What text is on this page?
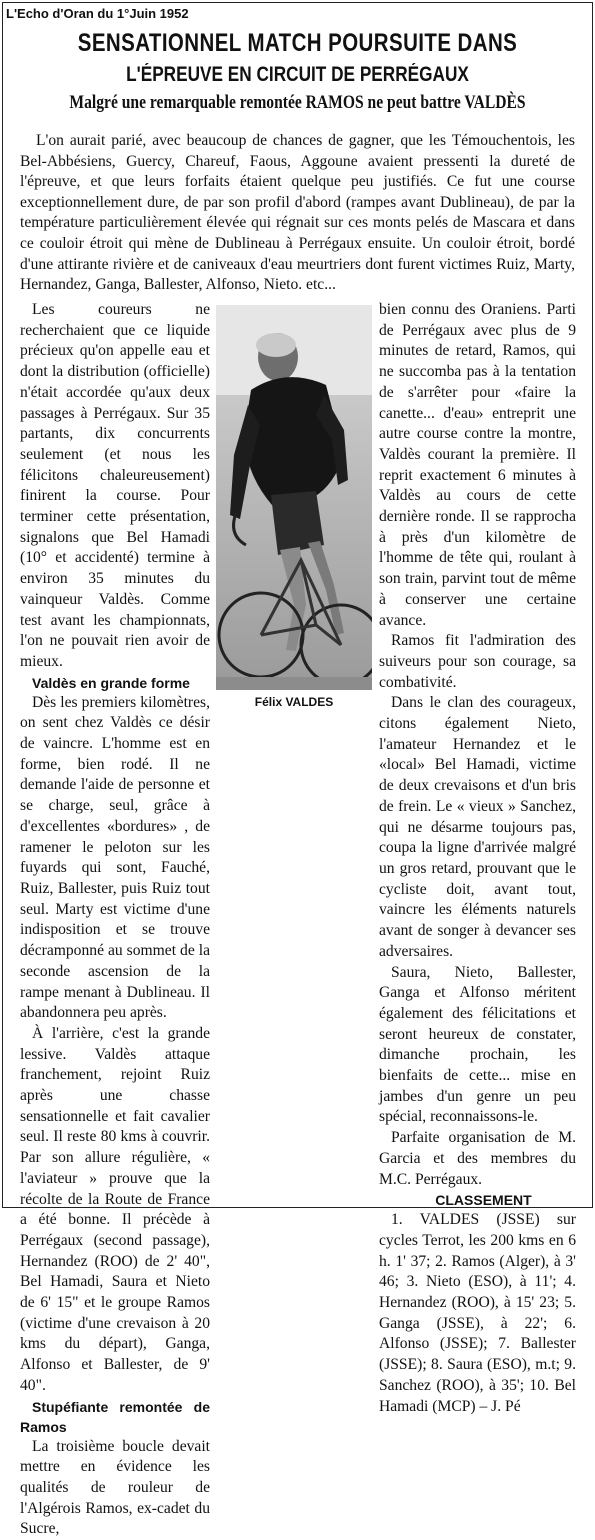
L'Echo d'Oran du 1°Juin 1952
SENSATIONNEL MATCH POURSUITE DANS
L'ÉPREUVE EN CIRCUIT DE PERRÉGAUX
Malgré une remarquable remontée RAMOS ne peut battre VALDÈS
L'on aurait parié, avec beaucoup de chances de gagner, que les Témouchentois, les Bel-Abbésiens, Guercy, Chareuf, Faous, Aggoune avaient pressenti la dureté de l'épreuve, et que leurs forfaits étaient quelque peu justifiés. Ce fut une course exceptionnellement dure, de par son profil d'abord (rampes avant Dublineau), de par la température particulièrement élevée qui régnait sur ces monts pelés de Mascara et dans ce couloir étroit qui mène de Dublineau à Perrégaux ensuite. Un couloir étroit, bordé d'une attirante rivière et de caniveaux d'eau meurtriers dont furent victimes Ruiz, Marty, Hernandez, Ganga, Ballester, Alfonso, Nieto. etc...

Les coureurs ne recherchaient que ce liquide précieux qu'on appelle eau et dont la distribution (officielle) n'était accordée qu'aux deux passages à Perrégaux. Sur 35 partants, dix concurrents seulement (et nous les félicitons chaleureusement) finirent la course. Pour terminer cette présentation, signalons que Bel Hamadi (10° et accidenté) termine à environ 35 minutes du vainqueur Valdès. Comme test avant les championnats, l'on ne pouvait rien avoir de mieux.

Valdès en grande forme

Dès les premiers kilomètres, on sent chez Valdès ce désir de vaincre. L'homme est en forme, bien rodé. Il ne demande l'aide de personne et se charge, seul, grâce à d'excellentes «bordures» , de ramener le peloton sur les fuyards qui sont, Fauché, Ruiz, Ballester, puis Ruiz tout seul. Marty est victime d'une indisposition et se trouve décramponné au sommet de la seconde ascension de la rampe menant à Dublineau. Il abandonnera peu après.

À l'arrière, c'est la grande lessive. Valdès attaque franchement, rejoint Ruiz après une chasse sensationnelle et fait cavalier seul. Il reste 80 kms à couvrir. Par son allure régulière, « l'aviateur » prouve que la récolte de la Route de France a été bonne. Il précède à Perrégaux (second passage), Hernandez (ROO) de 2' 40", Bel Hamadi, Saura et Nieto de 6' 15" et le groupe Ramos (victime d'une crevaison à 20 kms du départ), Ganga, Alfonso et Ballester, de 9' 40".

Stupéfiante remontée de Ramos

La troisième boucle devait mettre en évidence les qualités de rouleur de l'Algérois Ramos, ex-cadet du Sucre,

Félix VALDES

bien connu des Oraniens. Parti de Perrégaux avec plus de 9 minutes de retard, Ramos, qui ne succomba pas à la tentation de s'arrêter pour «faire la canette... d'eau» entreprit une autre course contre la montre, Valdès courant la première. Il reprit exactement 6 minutes à Valdès au cours de cette dernière ronde. Il se rapprocha à près d'un kilomètre de l'homme de tête qui, roulant à son train, parvint tout de même à conserver une certaine avance.

Ramos fit l'admiration des suiveurs pour son courage, sa combativité.

Dans le clan des courageux, citons également Nieto, l'amateur Hernandez et le «local» Bel Hamadi, victime de deux crevaisons et d'un bris de frein. Le « vieux » Sanchez, qui ne désarme toujours pas, coupa la ligne d'arrivée malgré un gros retard, prouvant que le cycliste doit, avant tout, vaincre les éléments naturels avant de songer à devancer ses adversaires.

Saura, Nieto, Ballester, Ganga et Alfonso méritent également des félicitations et seront heureux de constater, dimanche prochain, les bienfaits de cette... mise en jambes d'un genre un peu spécial, reconnaissons-le.

Parfaite organisation de M. Garcia et des membres du M.C. Perrégaux.

CLASSEMENT

1. VALDES (JSSE) sur cycles Terrot, les 200 kms en 6 h. 1' 37; 2. Ramos (Alger), à 3' 46; 3. Nieto (ESO), à 11'; 4. Hernandez (ROO), à 15' 23; 5. Ganga (JSSE), à 22'; 6. Alfonso (JSSE); 7. Ballester (JSSE); 8. Saura (ESO), m.t; 9. Sanchez (ROO), à 35'; 10. Bel Hamadi (MCP) – J. Pé
